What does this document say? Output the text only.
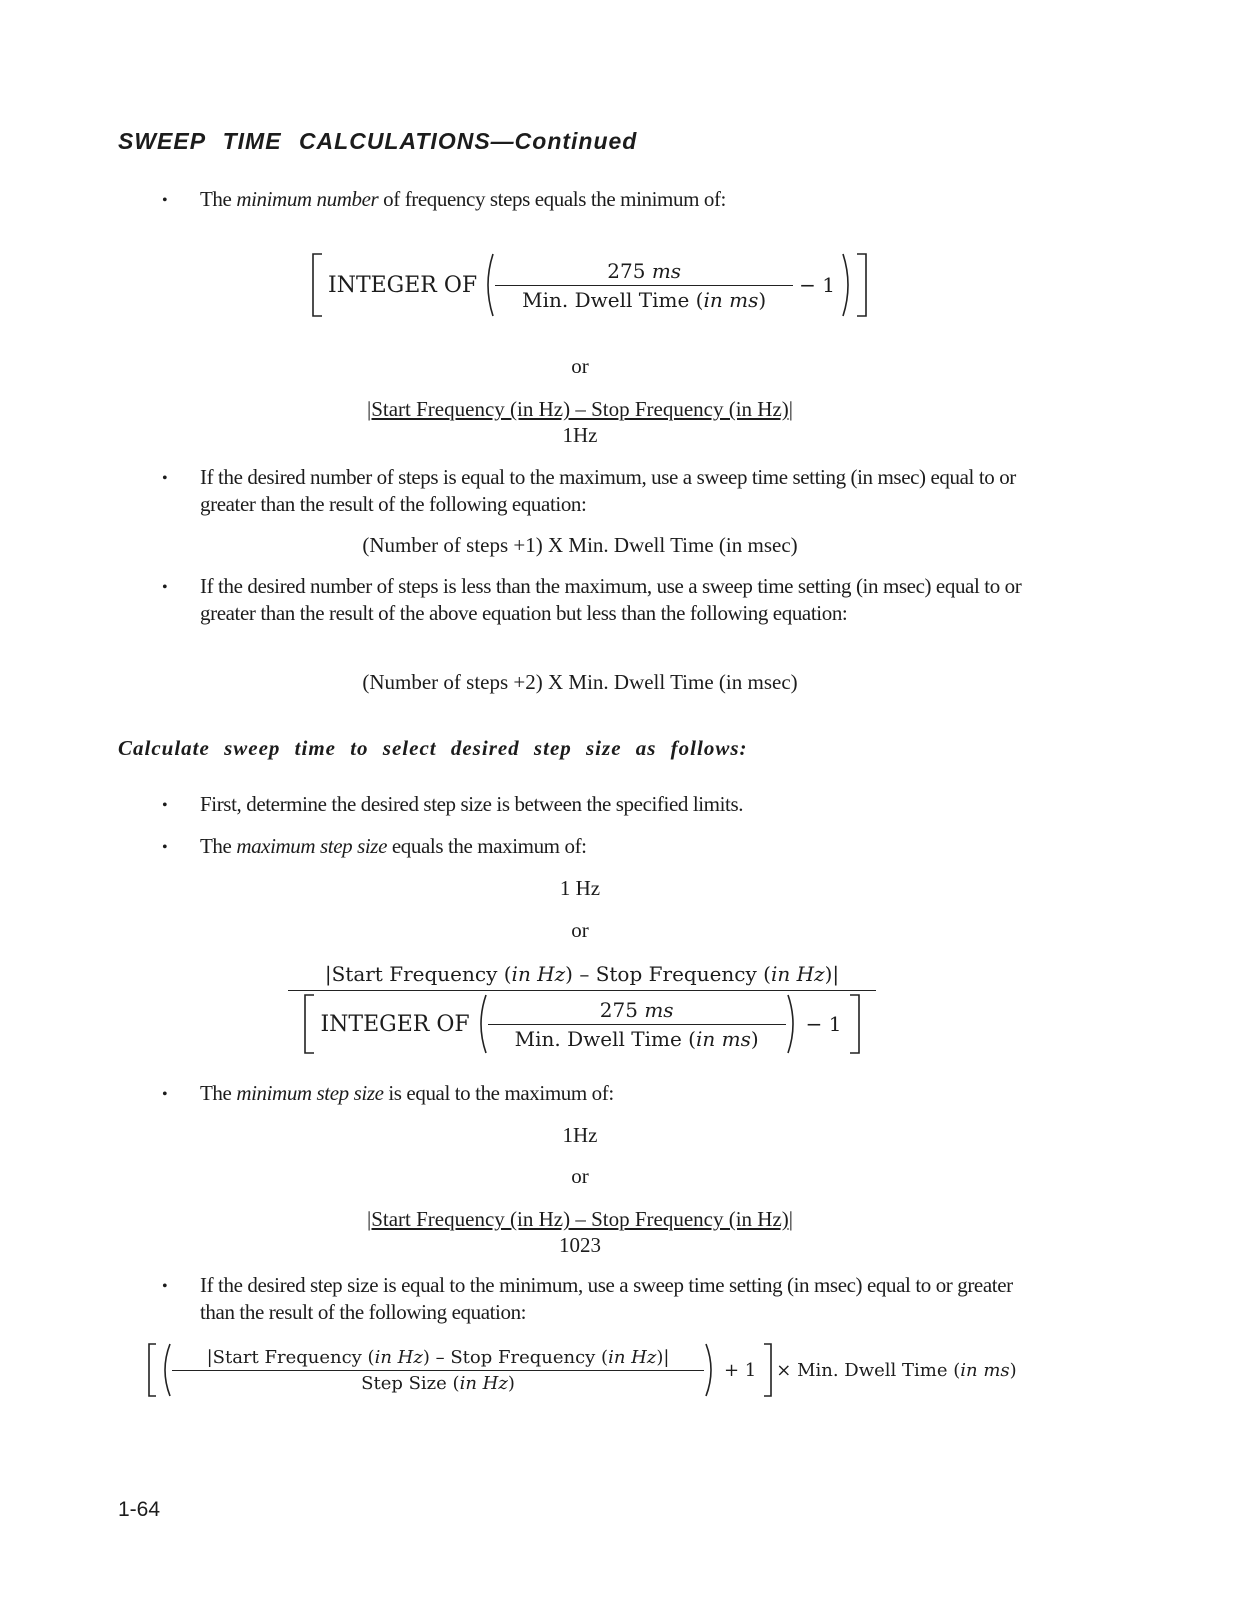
SWEEP TIME CALCULATIONS—Continued
• The minimum number of frequency steps equals the minimum of:
INTEGER OF $\frac{275 ms}{\text{Min. Dwell Time (in ms)}} - 1$
or
|Start Frequency (in Hz) – Stop Frequency (in Hz)|
1Hz
• If the desired number of steps is equal to the maximum, use a sweep time setting (in msec) equal to or greater than the result of the following equation:
(Number of steps +1) X Min. Dwell Time (in msec)
• If the desired number of steps is less than the maximum, use a sweep time setting (in msec) equal to or greater than the result of the above equation but less than the following equation:
(Number of steps +2) X Min. Dwell Time (in msec)
Calculate sweep time to select desired step size as follows:
• First, determine the desired step size is between the specified limits.
• The maximum step size equals the maximum of:
1 Hz
or
|Start Frequency (in Hz) – Stop Frequency (in Hz)|
INTEGER OF $\frac{275 ms}{\text{Min. Dwell Time (in ms)}} - 1$
• The minimum step size is equal to the maximum of:
1Hz
or
|Start Frequency (in Hz) – Stop Frequency (in Hz)|
1023
• If the desired step size is equal to the minimum, use a sweep time setting (in msec) equal to or greater than the result of the following equation:
$\frac{\text{|Start Frequency (in Hz) – Stop Frequency (in Hz)|}}{\text{Step Size (in Hz)}} + 1$ × Min. Dwell Time (in ms)
1-64
